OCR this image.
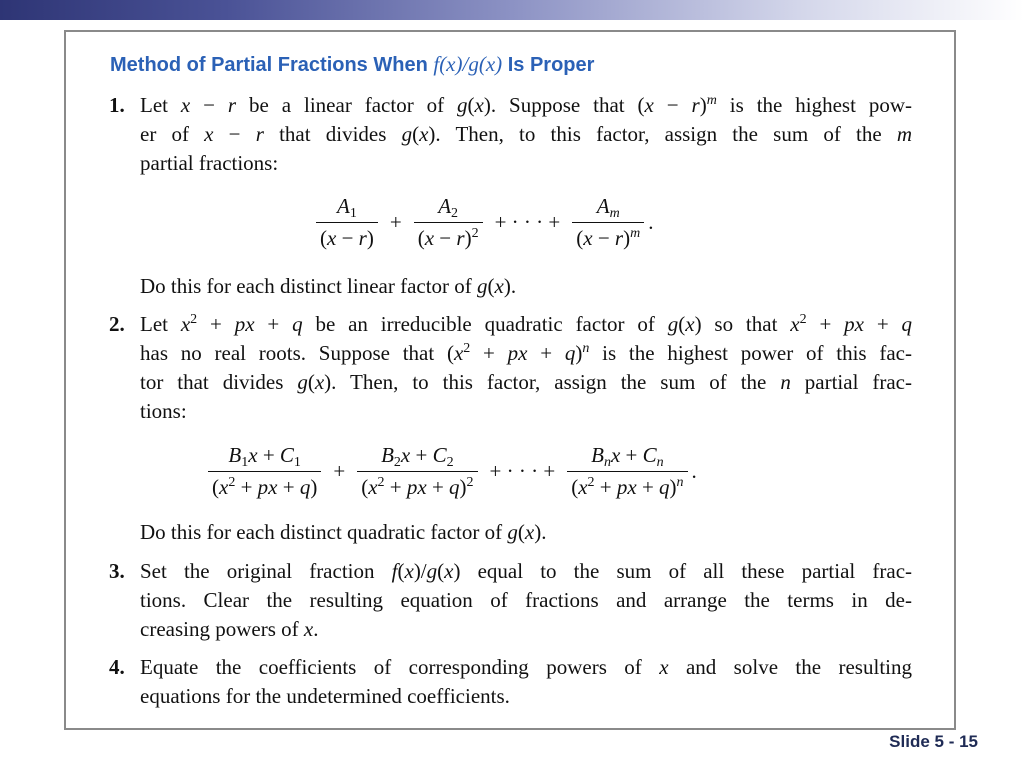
Method of Partial Fractions When f(x)/g(x) Is Proper
1. Let x − r be a linear factor of g(x). Suppose that $(x - r)^m$ is the highest pow-
er of x − r that divides g(x). Then, to this factor, assign the sum of the m
partial fractions:
$\frac{A_1}{(x - r)} + \frac{A_2}{(x - r)^2}$ + · · · + $\frac{A_m}{(x - r)^m}$ .
Do this for each distinct linear factor of g(x).
2. Let $x^2$ + px + q be an irreducible quadratic factor of g(x) so that $x^2$ + px + q
has no real roots. Suppose that ($x^2$ + px + q)$^n$ is the highest power of this fac-
tor that divides g(x). Then, to this factor, assign the sum of the n partial frac-
tions:
$\frac{B_1x + C_1}{(x^2 + px + q)} + \frac{B_2x + C_2}{(x^2 + px + q)^2}$ + · · · + $\frac{B_nx + C_n}{(x^2 + px + q)^n}$ .
Do this for each distinct quadratic factor of g(x).
3. Set the original fraction f(x)/g(x) equal to the sum of all these partial frac-
tions. Clear the resulting equation of fractions and arrange the terms in de-
creasing powers of x.
4. Equate the coefficients of corresponding powers of x and solve the resulting
equations for the undetermined coefficients.
Slide 5 - 15
